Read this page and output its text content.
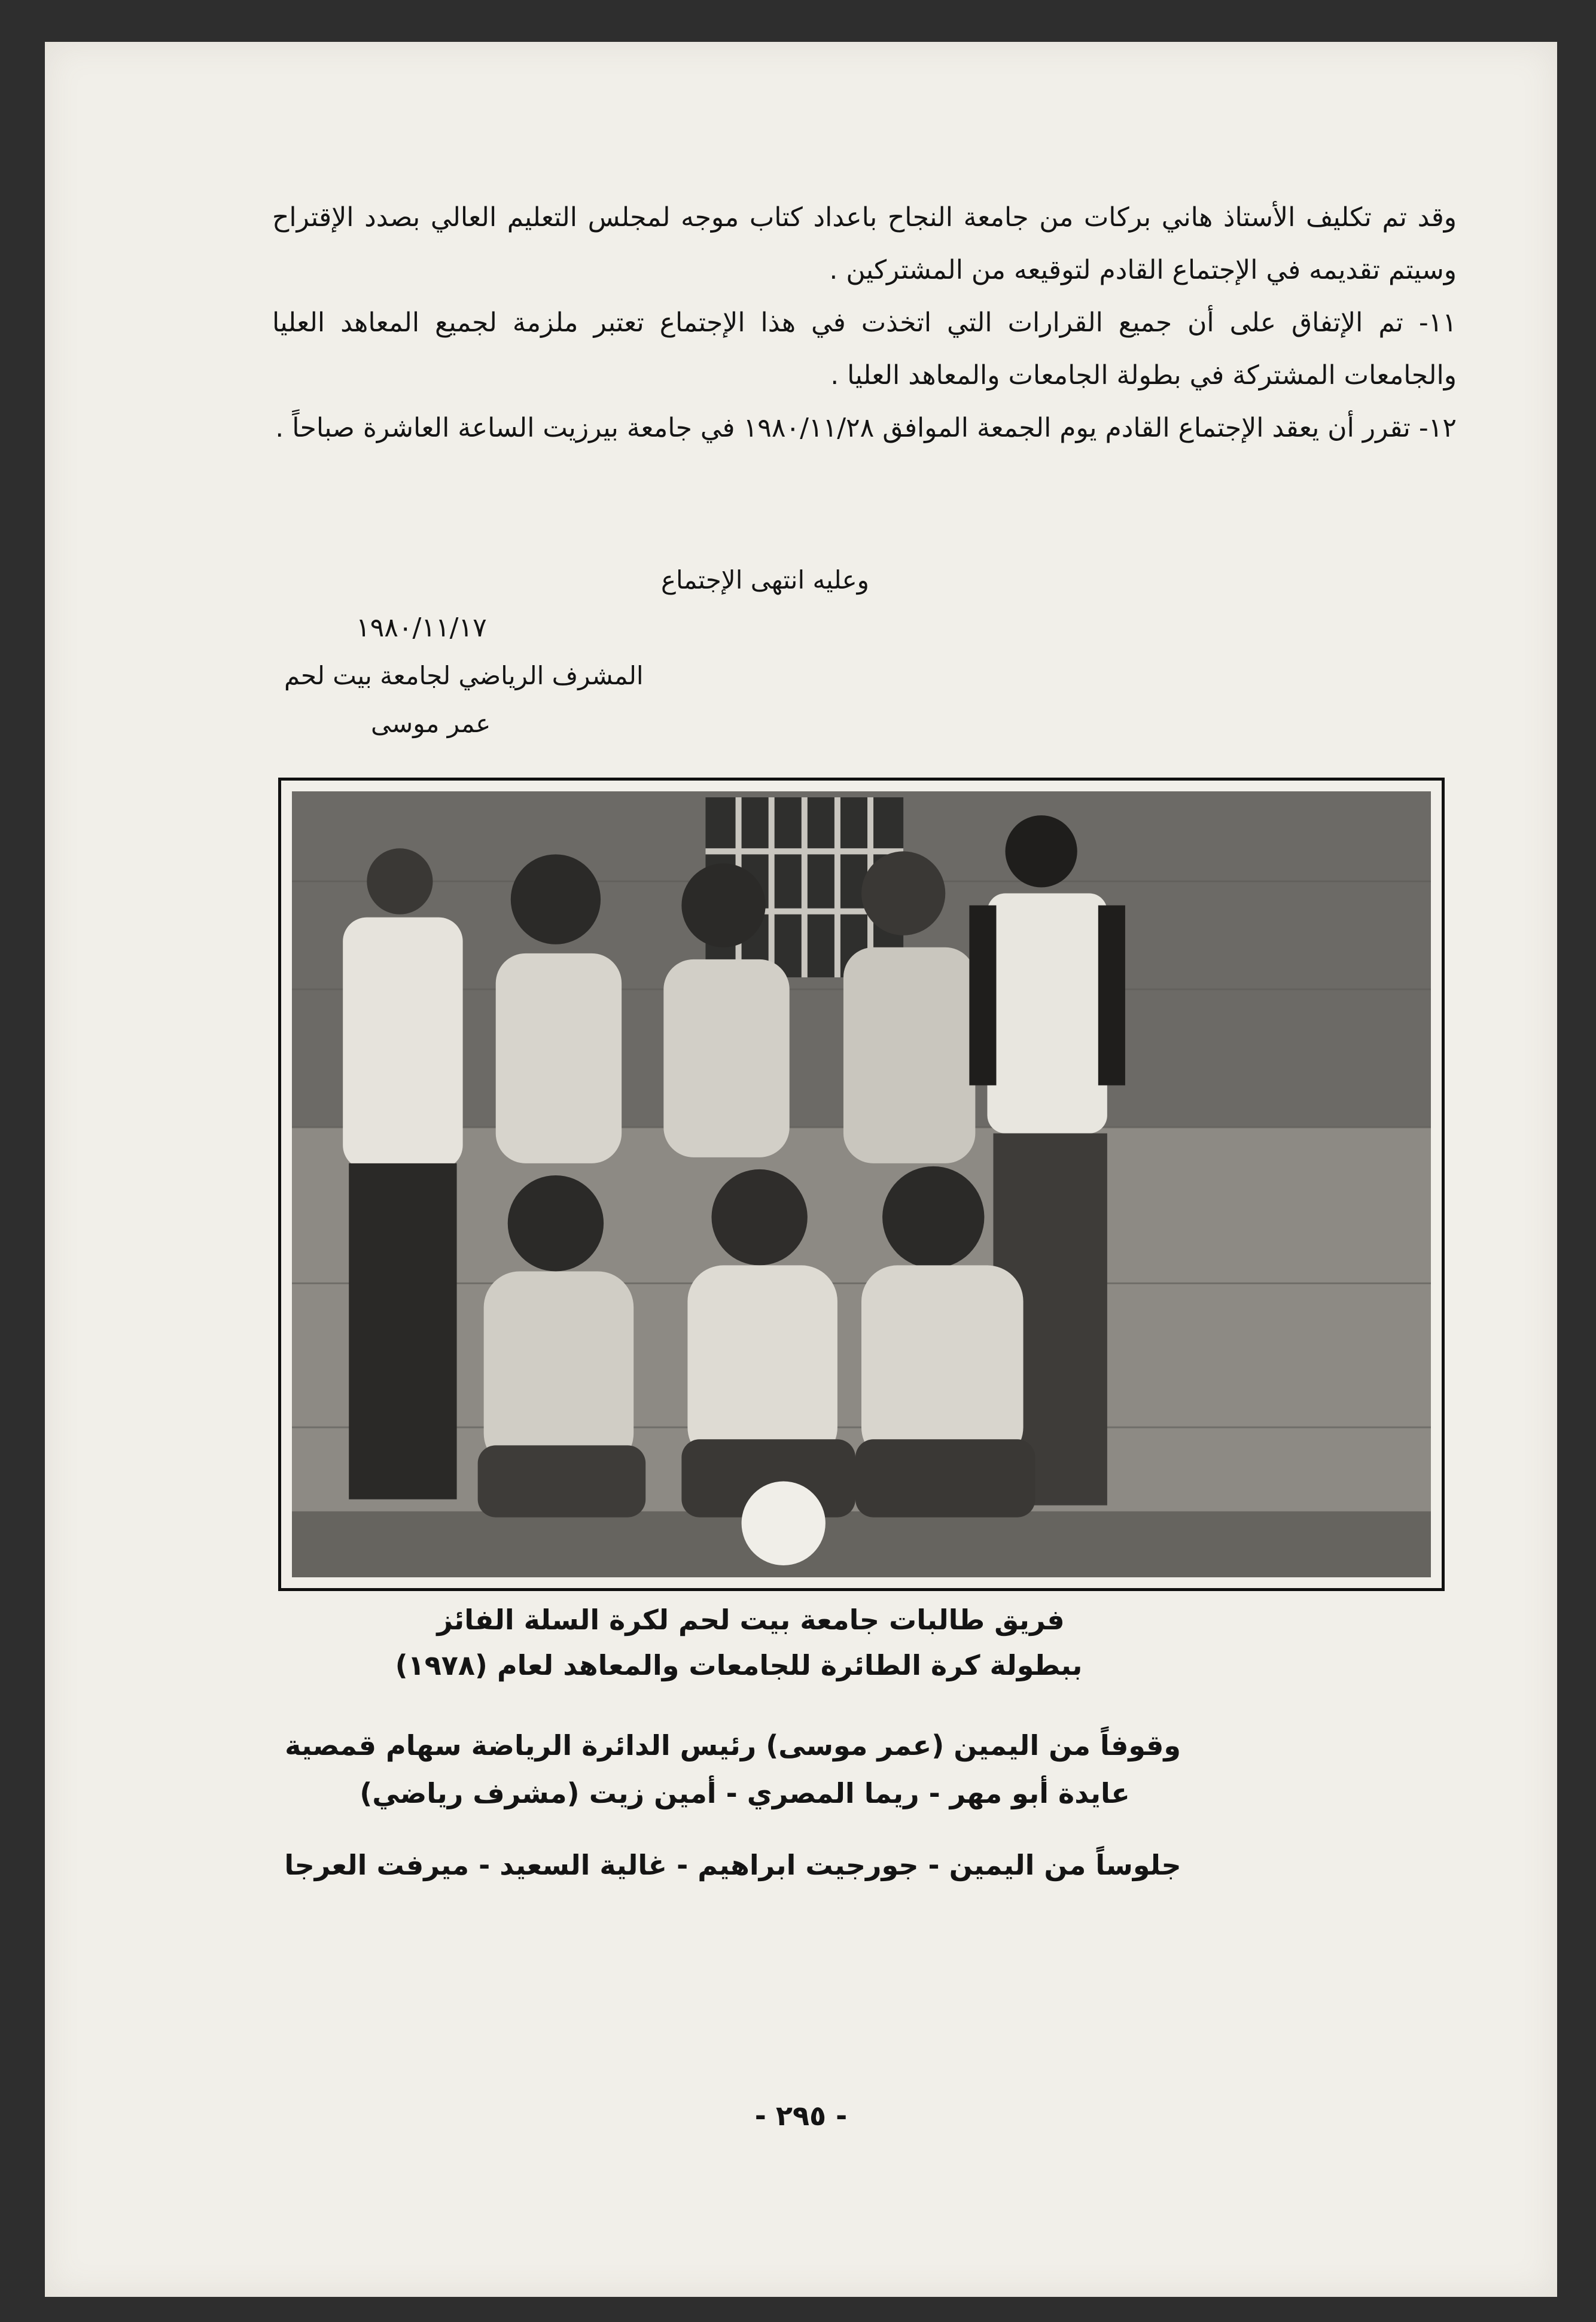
وقد تم تكليف الأستاذ هاني بركات من جامعة النجاح باعداد كتاب موجه لمجلس التعليم العالي بصدد الإقتراح وسيتم تقديمه في الإجتماع القادم لتوقيعه من المشتركين .

١١- تم الإتفاق على أن جميع القرارات التي اتخذت في هذا الإجتماع تعتبر ملزمة لجميع المعاهد العليا والجامعات المشتركة في بطولة الجامعات والمعاهد العليا .

١٢- تقرر أن يعقد الإجتماع القادم يوم الجمعة الموافق ١٩٨٠/١١/٢٨ في جامعة بيرزيت الساعة العاشرة صباحاً .

وعليه انتهى الإجتماع
١٩٨٠/١١/١٧
المشرف الرياضي لجامعة بيت لحم
عمر موسى
فريق طالبات جامعة بيت لحم لكرة السلة الفائز
ببطولة كرة الطائرة للجامعات والمعاهد لعام (١٩٧٨)
وقوفاً من اليمين (عمر موسى) رئيس الدائرة الرياضة سهام قمصية
عايدة أبو مهر - ريما المصري - أمين زيت (مشرف رياضي)
جلوساً من اليمين - جورجيت ابراهيم - غالية السعيد - ميرفت العرجا
- ٢٩٥ -
